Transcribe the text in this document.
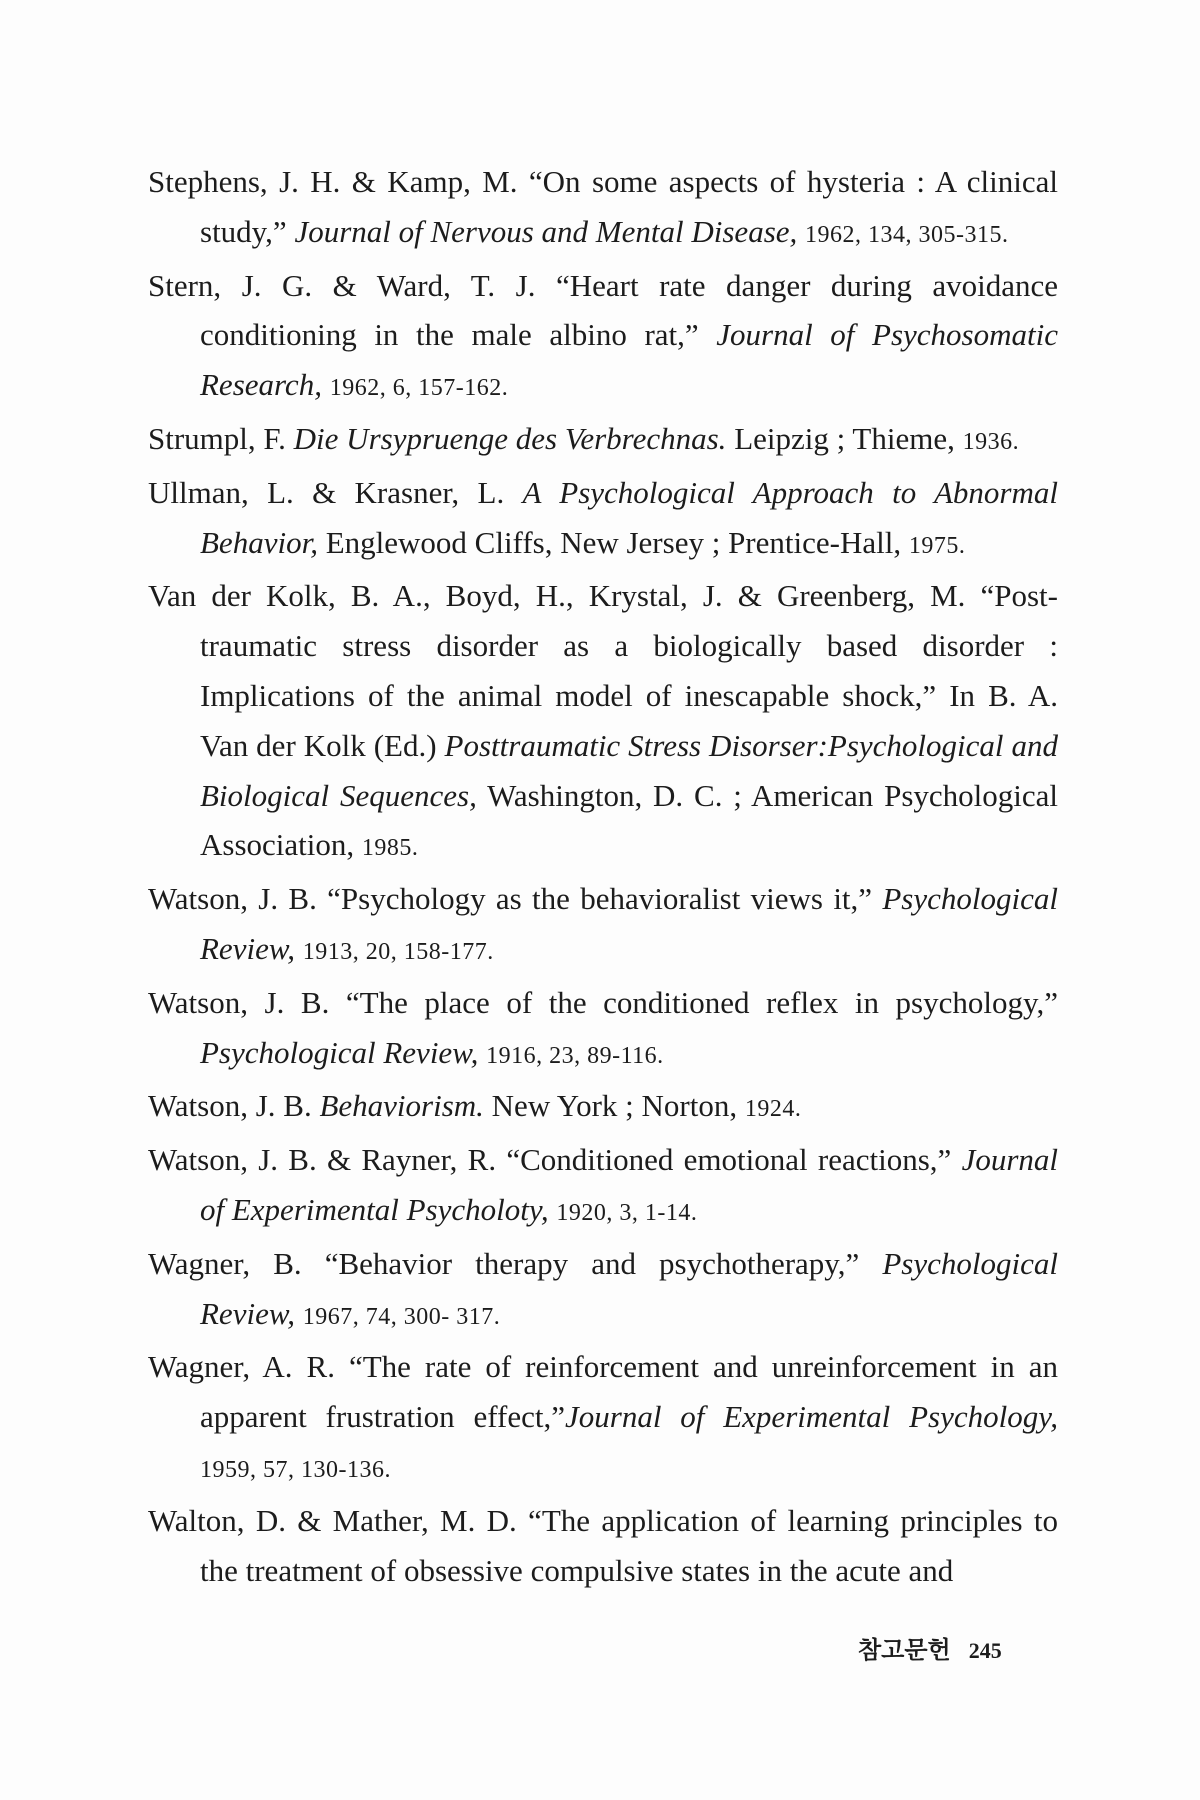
Stephens, J. H. & Kamp, M. “On some aspects of hysteria : A clinical study,” Journal of Nervous and Mental Disease, 1962, 134, 305-315.

Stern, J. G. & Ward, T. J. “Heart rate danger during avoidance conditioning in the male albino rat,” Journal of Psychosomatic Research, 1962, 6, 157-162.

Strumpl, F. Die Ursypruenge des Verbrechnas. Leipzig ; Thieme, 1936.

Ullman, L. & Krasner, L. A Psychological Approach to Abnormal Behavior, Englewood Cliffs, New Jersey ; Prentice-Hall, 1975.

Van der Kolk, B. A., Boyd, H., Krystal, J. & Greenberg, M. “Post-traumatic stress disorder as a biologically based disorder : Implications of the animal model of inescapable shock,” In B. A. Van der Kolk (Ed.) Posttraumatic Stress Disorser:Psychological and Biological Sequences, Washington, D. C. ; American Psychological Association, 1985.

Watson, J. B. “Psychology as the behavioralist views it,” Psychological Review, 1913, 20, 158-177.

Watson, J. B. “The place of the conditioned reflex in psychology,” Psychological Review, 1916, 23, 89-116.

Watson, J. B. Behaviorism. New York ; Norton, 1924.

Watson, J. B. & Rayner, R. “Conditioned emotional reactions,” Journal of Experimental Psycholoty, 1920, 3, 1-14.

Wagner, B. “Behavior therapy and psychotherapy,” Psychological Review, 1967, 74, 300- 317.

Wagner, A. R. “The rate of reinforcement and unreinforcement in an apparent frustration effect,”Journal of Experimental Psychology, 1959, 57, 130-136.

Walton, D. & Mather, M. D. “The application of learning principles to the treatment of obsessive compulsive states in the acute and

참고문헌 245
